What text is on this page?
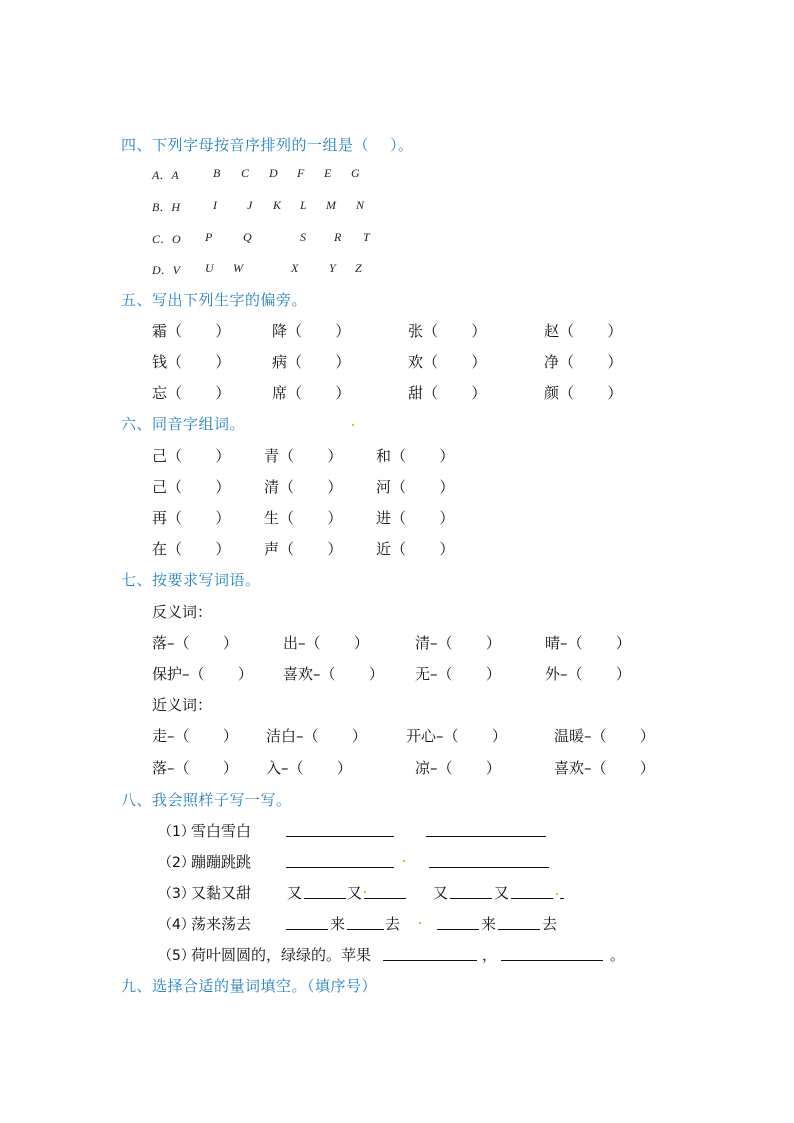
四、下列字母按音序排列的一组是（    ）。
A．A	B C D F E G
B．H	I	J K L M N
C．O P	Q	S R T
D．V U W	X	Y Z
五、写出下列生字的偏旁。
霜（       ）	降（       ）	张（       ）	赵（       ）
钱（       ）	病（       ）	欢（       ）	净（       ）
忘（       ）	席（       ）	甜（       ）	颜（       ）
六、同音字组词。
己（       ） 青（       ） 和（       ）
己（       ） 清（       ） 河（       ）
再（       ） 生（       ） 进（       ）
在（       ） 声（       ） 近（       ）
七、按要求写词语。
反义词：
落–（       ）	出–（       ）	清–（       ）	晴–（       ）
保护–（       ） 喜欢–（       ） 无–（       ）	外–（       ）
近义词：
走–（       ） 洁白–（       ）	开心–（       ）	温暖–（       ）
落–（       ） 入–（       ）	凉–（       ）	喜欢–（       ）
八、我会照样子写一写。
（1）
雪白雪白
（2）
蹦蹦跳跳
（3）
又黏又甜 又	又	又	又
（4）
荡来荡去	来	去	来	去
（5）
荷叶圆圆的，绿绿的。苹果	，	。
九、选择合适的量词填空。（填序号）
